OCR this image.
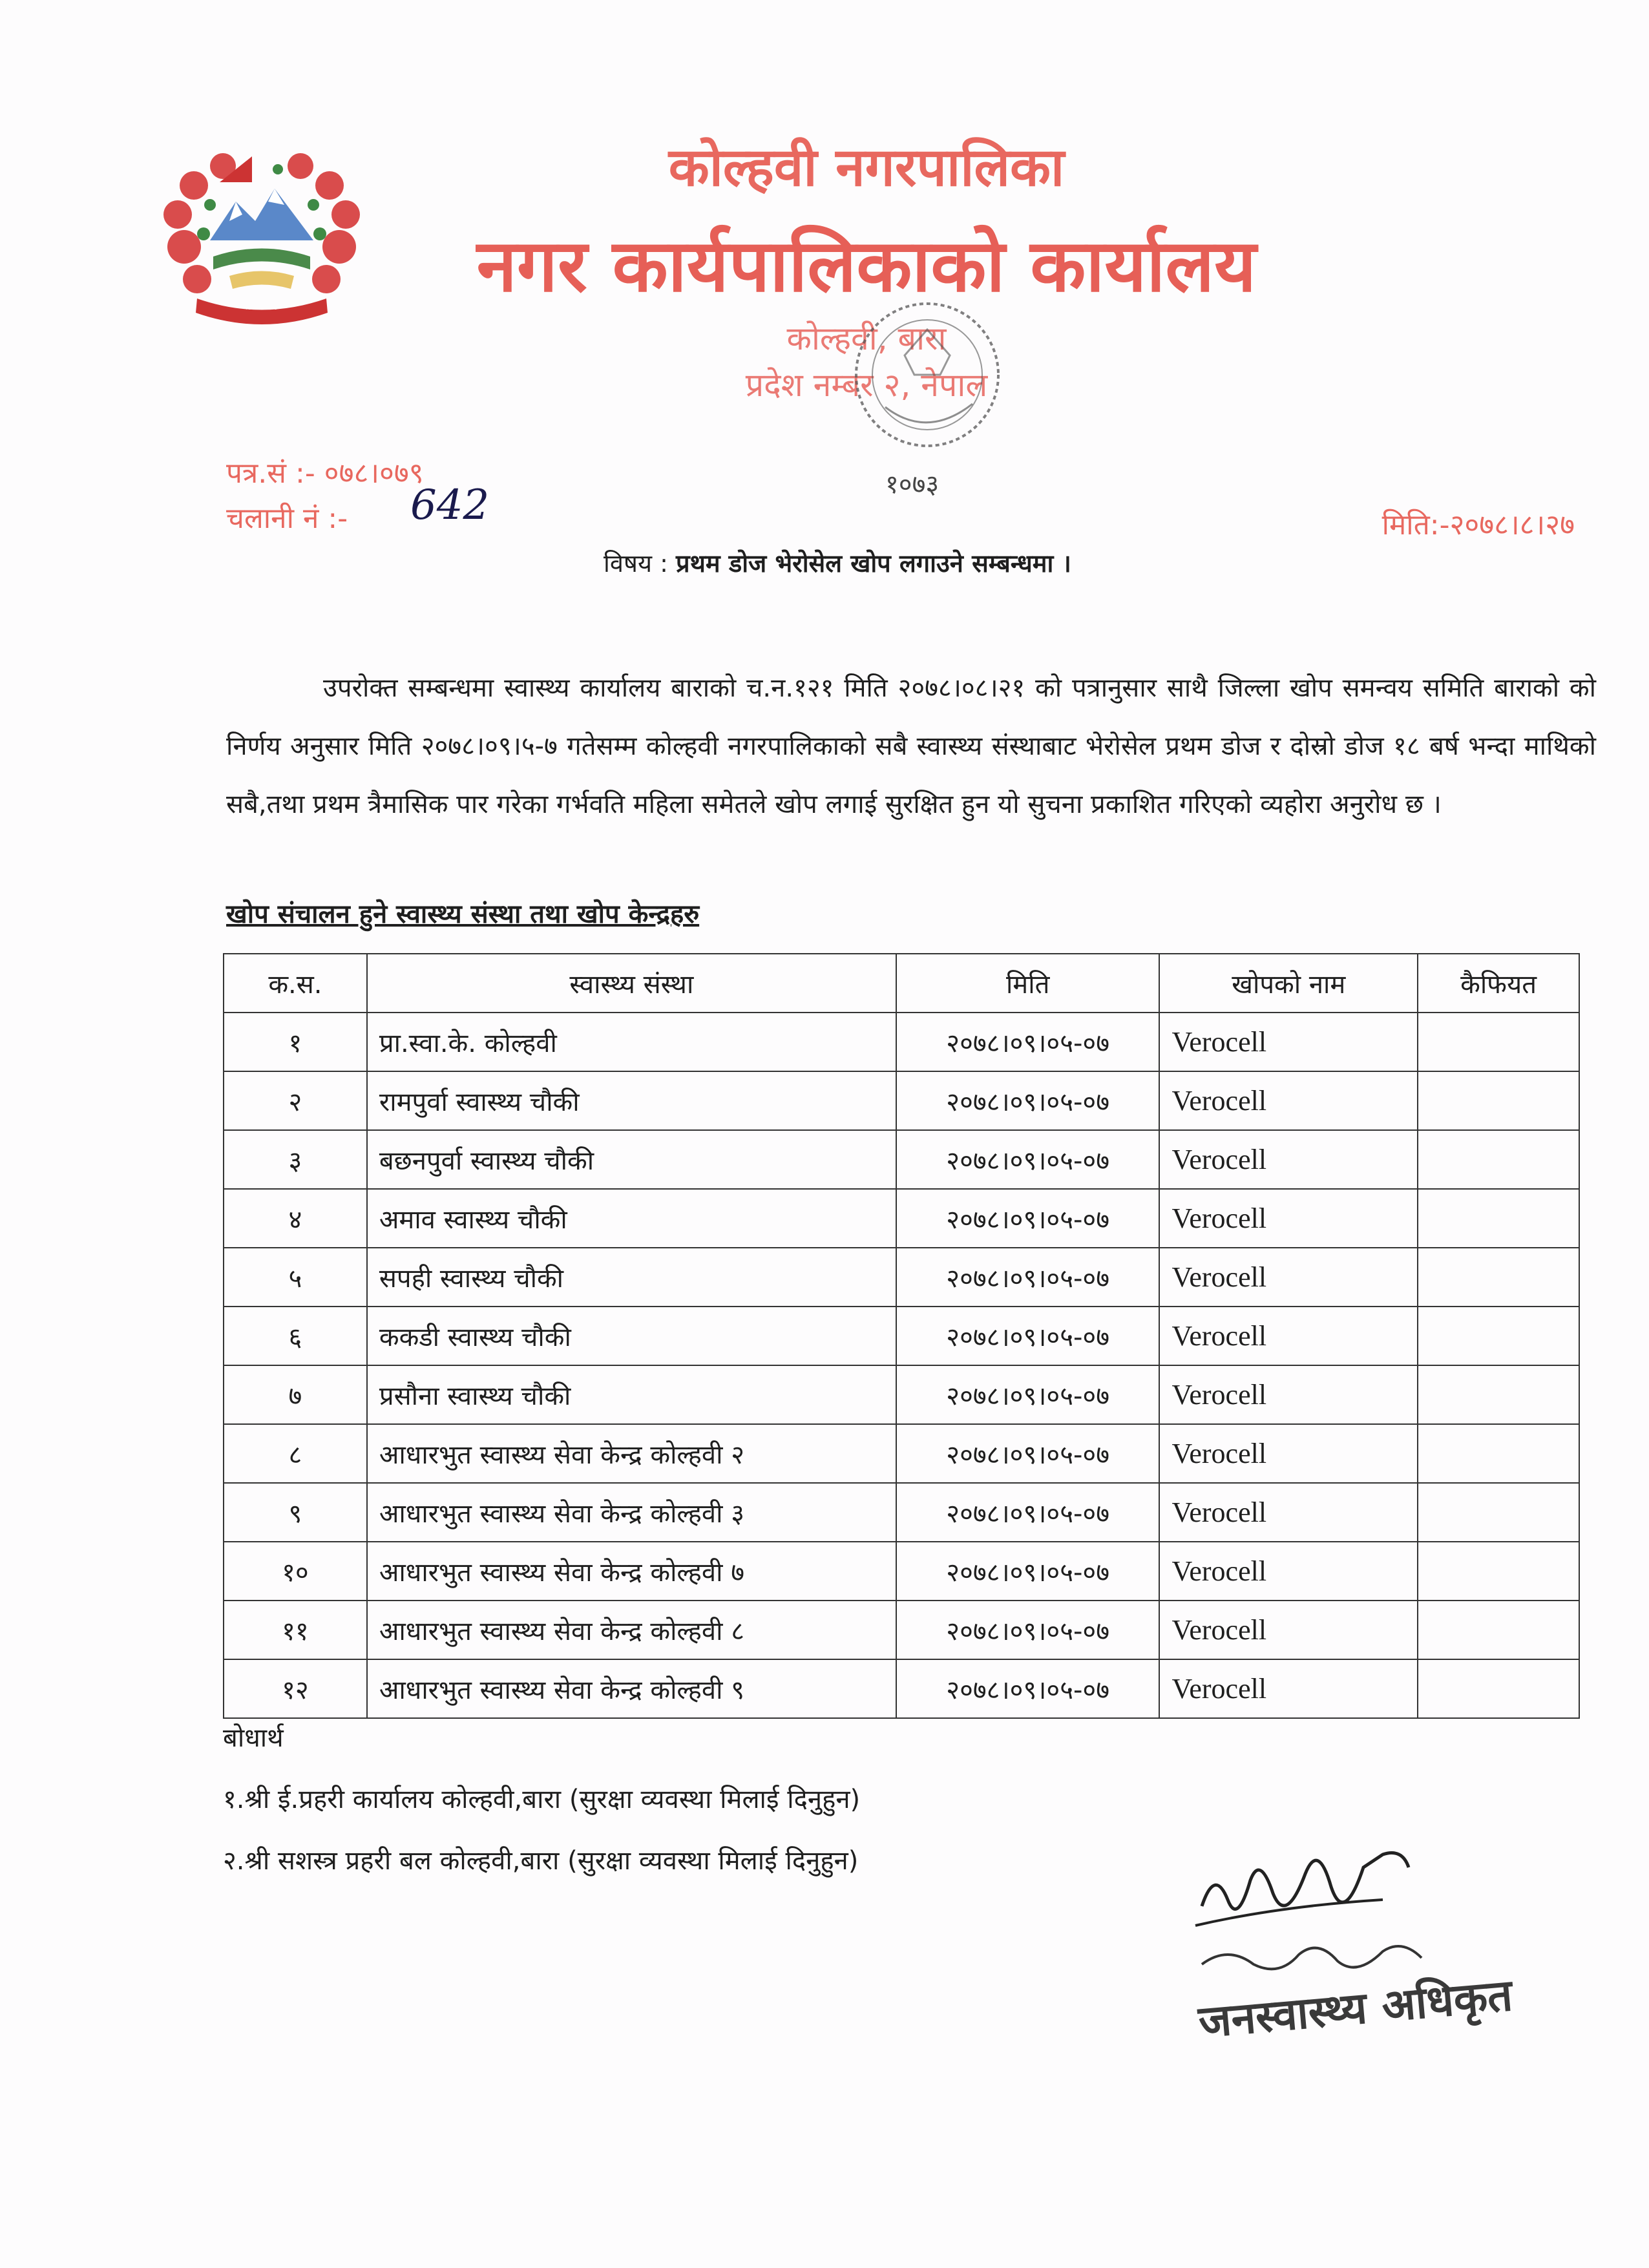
~~~~~
कोल्हवी नगरपालिका
नगर कार्यपालिकाको कार्यालय
कोल्हवी, बारा
प्रदेश नम्बर २, नेपाल
पत्र.सं :- ०७८।०७९
चलानी नं :- 642	१०७३
मिति:-२०७८।८।२७
विषय : प्रथम डोज भेरोसेल खोप लगाउने सम्बन्धमा ।
उपरोक्त सम्बन्धमा स्वास्थ्य कार्यालय बाराको च.न.१२१ मिति २०७८।०८।२१ को पत्रानुसार साथै जिल्ला खोप समन्वय समिति बाराको को निर्णय अनुसार मिति २०७८।०९।५-७ गतेसम्म कोल्हवी नगरपालिकाको सबै स्वास्थ्य संस्थाबाट भेरोसेल प्रथम डोज र दोस्रो डोज १८ बर्ष भन्दा माथिको सबै,तथा प्रथम त्रैमासिक पार गरेका गर्भवति महिला समेतले खोप लगाई सुरक्षित हुन यो सुचना प्रकाशित गरिएको व्यहोरा अनुरोध छ ।
खोप संचालन हुने स्वास्थ्य संस्था तथा खोप केन्द्रहरु
क.स.	स्वास्थ्य संस्था	मिति	खोपको नाम	कैफियत
१	प्रा.स्वा.के. कोल्हवी	२०७८।०९।०५-०७	Verocell	
२	रामपुर्वा स्वास्थ्य चौकी	२०७८।०९।०५-०७	Verocell	
३	बछनपुर्वा स्वास्थ्य चौकी	२०७८।०९।०५-०७	Verocell	
४	अमाव स्वास्थ्य चौकी	२०७८।०९।०५-०७	Verocell	
५	सपही स्वास्थ्य चौकी	२०७८।०९।०५-०७	Verocell	
६	ककडी स्वास्थ्य चौकी	२०७८।०९।०५-०७	Verocell	
७	प्रसौना स्वास्थ्य चौकी	२०७८।०९।०५-०७	Verocell	
८	आधारभुत स्वास्थ्य सेवा केन्द्र कोल्हवी २	२०७८।०९।०५-०७	Verocell	
९	आधारभुत स्वास्थ्य सेवा केन्द्र कोल्हवी ३	२०७८।०९।०५-०७	Verocell	
१०	आधारभुत स्वास्थ्य सेवा केन्द्र कोल्हवी ७	२०७८।०९।०५-०७	Verocell	
११	आधारभुत स्वास्थ्य सेवा केन्द्र कोल्हवी ८	२०७८।०९।०५-०७	Verocell	
१२	आधारभुत स्वास्थ्य सेवा केन्द्र कोल्हवी ९	२०७८।०९।०५-०७	Verocell	
बोधार्थ
१.श्री ई.प्रहरी कार्यालय कोल्हवी,बारा (सुरक्षा व्यवस्था मिलाई दिनुहुन)
२.श्री सशस्त्र प्रहरी बल कोल्हवी,बारा (सुरक्षा व्यवस्था मिलाई दिनुहुन)
जनस्वास्थ्य अधिकृत
